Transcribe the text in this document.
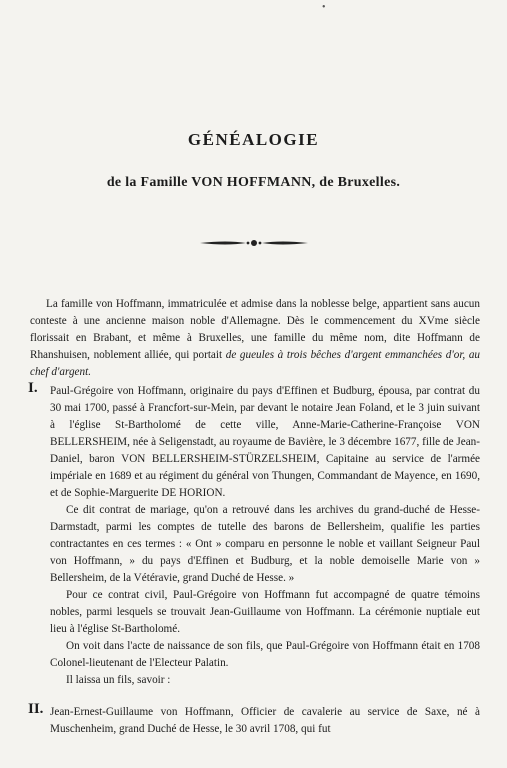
•
GÉNÉALOGIE
de la Famille VON HOFFMANN, de Bruxelles.

La famille von Hoffmann, immatriculée et admise dans la noblesse belge, appartient sans aucun conteste à une ancienne maison noble d'Allemagne. Dès le commencement du XVme siècle florissait en Brabant, et même à Bruxelles, une famille du même nom, dite Hoffmann de Rhanshuisen, noblement alliée, qui portait de gueules à trois bêches d'argent emmanchées d'or, au chef d'argent.

I. Paul-Grégoire von Hoffmann, originaire du pays d'Effinen et Budburg, épousa, par contrat du 30 mai 1700, passé à Francfort-sur-Mein, par devant le notaire Jean Foland, et le 3 juin suivant à l'église St-Bartholomé de cette ville, Anne-Marie-Catherine-Françoise VON BELLERSHEIM, née à Seligenstadt, au royaume de Bavière, le 3 décembre 1677, fille de Jean-Daniel, baron VON BELLERSHEIM-STÜRZELSHEIM, Capitaine au service de l'armée impériale en 1689 et au régiment du général von Thungen, Commandant de Mayence, en 1690, et de Sophie-Marguerite DE HORION.
Ce dit contrat de mariage, qu'on a retrouvé dans les archives du grand-duché de Hesse-Darmstadt, parmi les comptes de tutelle des barons de Bellersheim, qualifie les parties contractantes en ces termes : « Ont » comparu en personne le noble et vaillant Seigneur Paul von Hoffmann, » du pays d'Effinen et Budburg, et la noble demoiselle Marie von » Bellersheim, de la Vétéravie, grand Duché de Hesse. »
Pour ce contrat civil, Paul-Grégoire von Hoffmann fut accompagné de quatre témoins nobles, parmi lesquels se trouvait Jean-Guillaume von Hoffmann. La cérémonie nuptiale eut lieu à l'église St-Bartholomé.
On voit dans l'acte de naissance de son fils, que Paul-Grégoire von Hoffmann était en 1708 Colonel-lieutenant de l'Electeur Palatin.
Il laissa un fils, savoir :
II. Jean-Ernest-Guillaume von Hoffmann, Officier de cavalerie au service de Saxe, né à Muschenheim, grand Duché de Hesse, le 30 avril 1708, qui fut
